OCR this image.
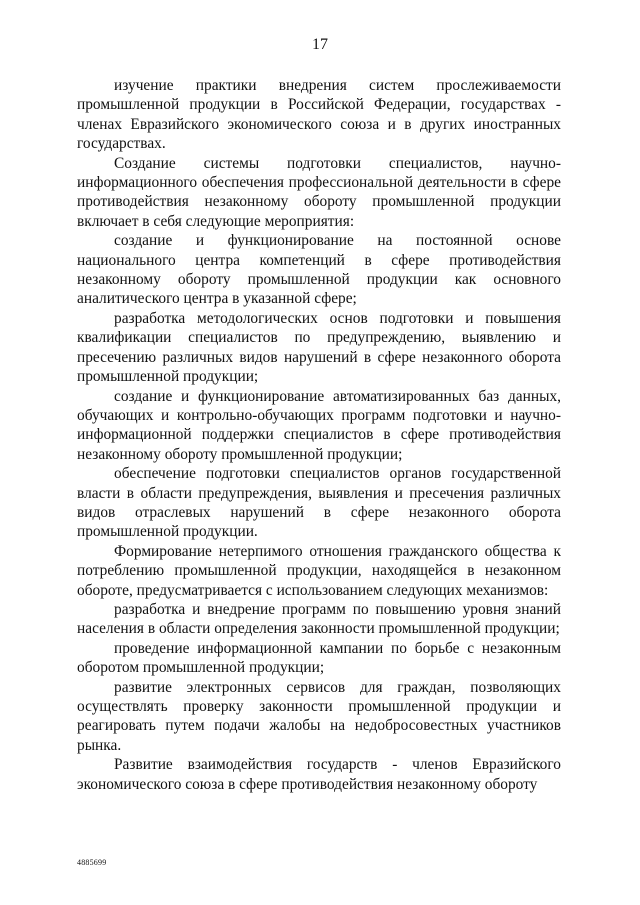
17

изучение практики внедрения систем прослеживаемости промышленной продукции в Российской Федерации, государствах - членах Евразийского экономического союза и в других иностранных государствах.

Создание системы подготовки специалистов, научно-информационного обеспечения профессиональной деятельности в сфере противодействия незаконному обороту промышленной продукции включает в себя следующие мероприятия:

создание и функционирование на постоянной основе национального центра компетенций в сфере противодействия незаконному обороту промышленной продукции как основного аналитического центра в указанной сфере;

разработка методологических основ подготовки и повышения квалификации специалистов по предупреждению, выявлению и пресечению различных видов нарушений в сфере незаконного оборота промышленной продукции;

создание и функционирование автоматизированных баз данных, обучающих и контрольно-обучающих программ подготовки и научно-информационной поддержки специалистов в сфере противодействия незаконному обороту промышленной продукции;

обеспечение подготовки специалистов органов государственной власти в области предупреждения, выявления и пресечения различных видов отраслевых нарушений в сфере незаконного оборота промышленной продукции.

Формирование нетерпимого отношения гражданского общества к потреблению промышленной продукции, находящейся в незаконном обороте, предусматривается с использованием следующих механизмов:

разработка и внедрение программ по повышению уровня знаний населения в области определения законности промышленной продукции;

проведение информационной кампании по борьбе с незаконным оборотом промышленной продукции;

развитие электронных сервисов для граждан, позволяющих осуществлять проверку законности промышленной продукции и реагировать путем подачи жалобы на недобросовестных участников рынка.

Развитие взаимодействия государств - членов Евразийского экономического союза в сфере противодействия незаконному обороту

4885699
